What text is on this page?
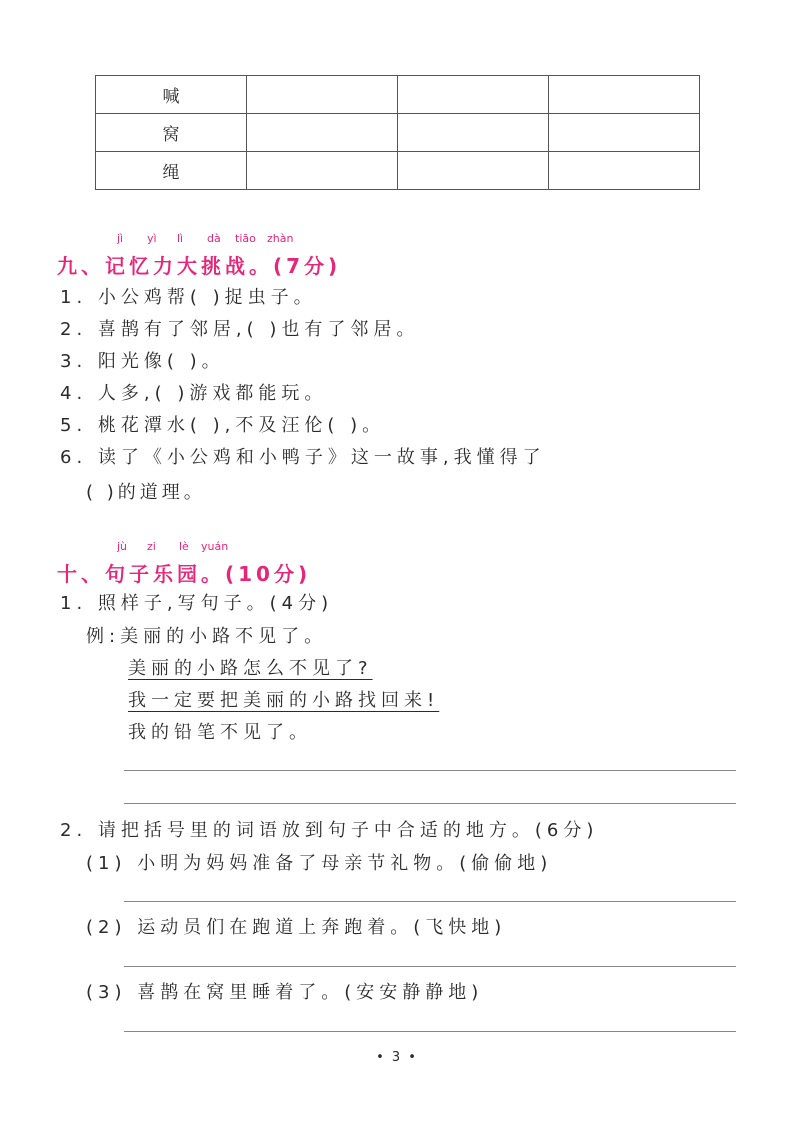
喊			
窝			
绳			
jì yì lì dà tiāo zhàn
九、记忆力大挑战。(7分)
1. 小公鸡帮( )捉虫子。
2. 喜鹊有了邻居,( )也有了邻居。
3. 阳光像( )。
4. 人多,( )游戏都能玩。
5. 桃花潭水( ),不及汪伦( )。
6. 读了《小公鸡和小鸭子》这一故事,我懂得了
( )的道理。
jù zi lè yuán
十、句子乐园。(10分)
1. 照样子,写句子。(4分)
例:美丽的小路不见了。
美丽的小路怎么不见了?
我一定要把美丽的小路找回来!
我的铅笔不见了。
2. 请把括号里的词语放到句子中合适的地方。(6分)
(1) 小明为妈妈准备了母亲节礼物。(偷偷地)
(2) 运动员们在跑道上奔跑着。(飞快地)
(3) 喜鹊在窝里睡着了。(安安静静地)
• 3 •
